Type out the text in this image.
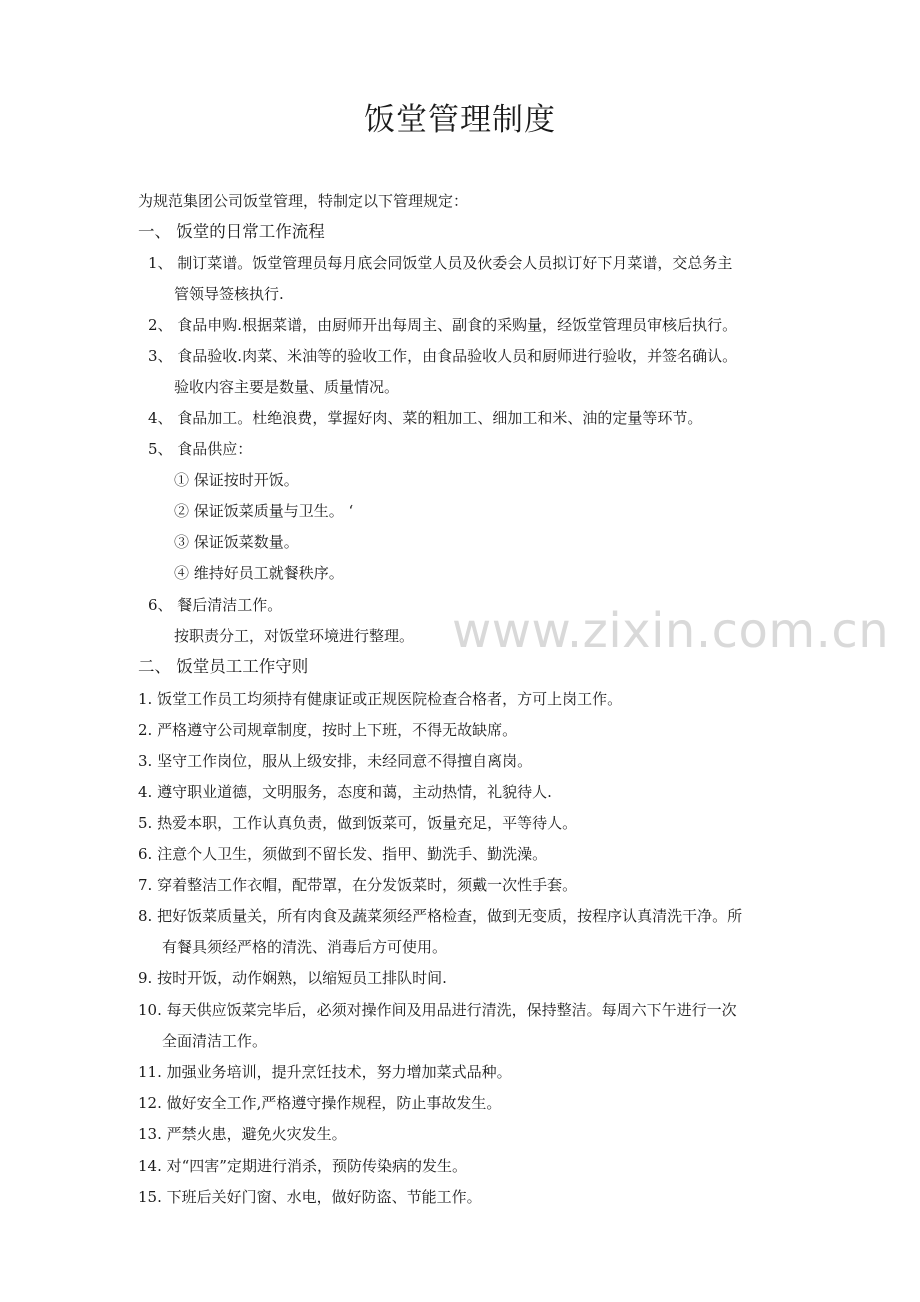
饭堂管理制度
为规范集团公司饭堂管理，特制定以下管理规定：
一、 饭堂的日常工作流程
1、 制订菜谱。饭堂管理员每月底会同饭堂人员及伙委会人员拟订好下月菜谱，交总务主
管领导签核执行.
2、 食品申购.根据菜谱，由厨师开出每周主、副食的采购量，经饭堂管理员审核后执行。
3、 食品验收.肉菜、米油等的验收工作，由食品验收人员和厨师进行验收，并签名确认。
验收内容主要是数量、质量情况。
4、 食品加工。杜绝浪费，掌握好肉、菜的粗加工、细加工和米、油的定量等环节。
5、 食品供应：
① 保证按时开饭。
② 保证饭菜质量与卫生。 ‘
③ 保证饭菜数量。
④ 维持好员工就餐秩序。
6、 餐后清洁工作。
按职责分工，对饭堂环境进行整理。
二、 饭堂员工工作守则
1. 饭堂工作员工均须持有健康证或正规医院检查合格者，方可上岗工作。
2. 严格遵守公司规章制度，按时上下班，不得无故缺席。
3. 坚守工作岗位，服从上级安排，未经同意不得擅自离岗。
4. 遵守职业道德，文明服务，态度和蔼，主动热情，礼貌待人.
5. 热爱本职，工作认真负责，做到饭菜可，饭量充足，平等待人。
6. 注意个人卫生，须做到不留长发、指甲、勤洗手、勤洗澡。
7. 穿着整洁工作衣帽，配带罩，在分发饭菜时，须戴一次性手套。
8. 把好饭菜质量关，所有肉食及蔬菜须经严格检查，做到无变质，按程序认真清洗干净。所
有餐具须经严格的清洗、消毒后方可使用。
9. 按时开饭，动作娴熟，以缩短员工排队时间.
10. 每天供应饭菜完毕后，必须对操作间及用品进行清洗，保持整洁。每周六下午进行一次
全面清洁工作。
11. 加强业务培训，提升烹饪技术，努力增加菜式品种。
12. 做好安全工作,严格遵守操作规程，防止事故发生。
13. 严禁火患，避免火灾发生。
14. 对“四害”定期进行消杀，预防传染病的发生。
15. 下班后关好门窗、水电，做好防盗、节能工作。
www.zixin.com.cn
